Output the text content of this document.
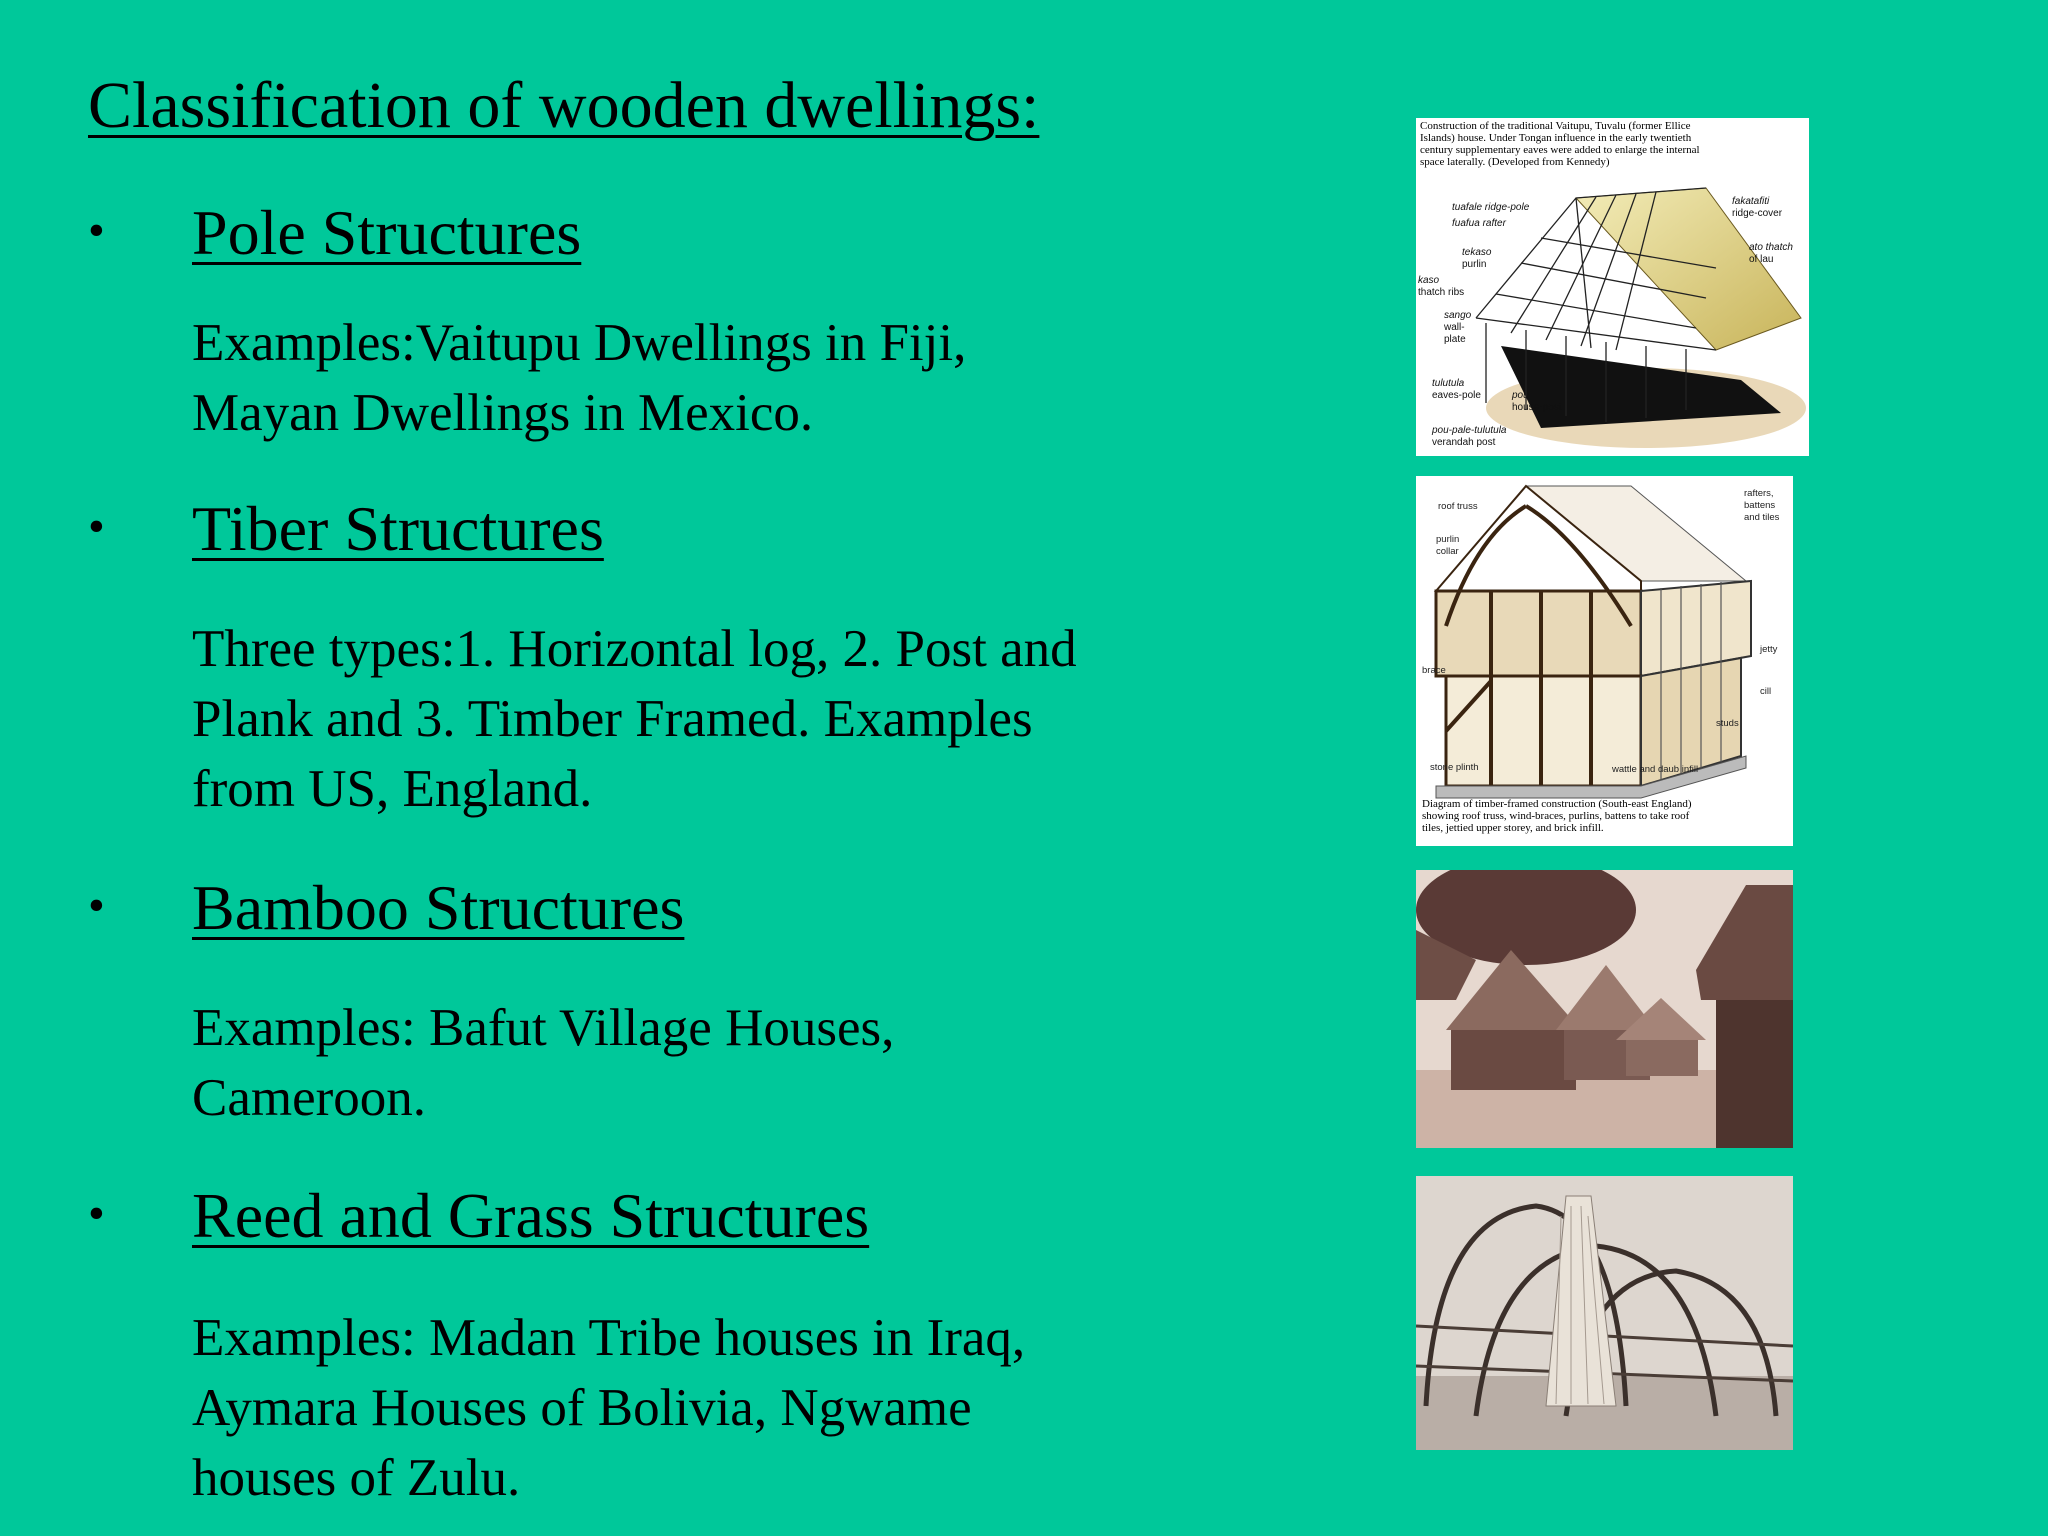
Classification of wooden dwellings:
• Pole Structures
Examples:Vaitupu Dwellings in Fiji,
Mayan Dwellings in Mexico.
• Tiber Structures
Three types:1. Horizontal log, 2. Post and
Plank and 3. Timber Framed. Examples
from US, England.
• Bamboo Structures
Examples: Bafut Village Houses,
Cameroon.
• Reed and Grass Structures
Examples: Madan Tribe houses in Iraq,
Aymara Houses of Bolivia, Ngwame
houses of Zulu.
Construction of the traditional Vaitupu, Tuvalu (former Ellice
Islands) house. Under Tongan influence in the early twentieth
century supplementary eaves were added to enlarge the internal
space laterally. (Developed from Kennedy)
tuafale ridge-pole
fuafua rafter
tekaso
purlin
kaso
thatch ribs
sango
wall-
plate
tulutula
eaves-pole	pou
house-post
pou-pale-tulutula
verandah post
fakatafiti
ridge-cover
ato thatch
of lau
roof truss
purlin
collar
rafters,
battens
and tiles
jetty
brace
cill
studs
stone plinth	wattle and daub infill
Diagram of timber-framed construction (South-east England)
showing roof truss, wind-braces, purlins, battens to take roof
tiles, jettied upper storey, and brick infill.
